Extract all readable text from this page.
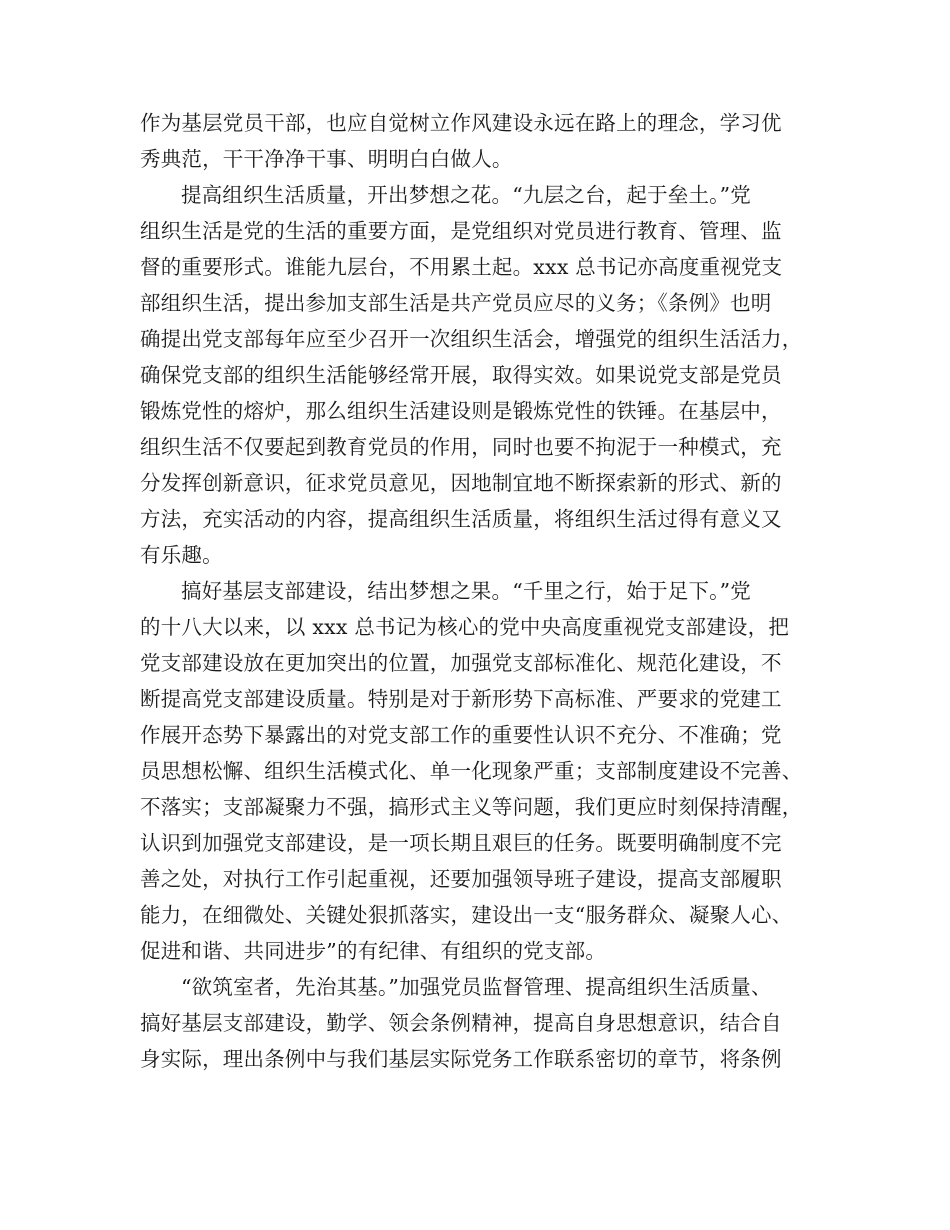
作为基层党员干部，也应自觉树立作风建设永远在路上的理念，学习优
秀典范，干干净净干事、明明白白做人。
提高组织生活质量，开出梦想之花。“九层之台，起于垒土。”党
组织生活是党的生活的重要方面，是党组织对党员进行教育、管理、监
督的重要形式。谁能九层台，不用累土起。xxx 总书记亦高度重视党支
部组织生活，提出参加支部生活是共产党员应尽的义务；《条例》也明
确提出党支部每年应至少召开一次组织生活会，增强党的组织生活活力，
确保党支部的组织生活能够经常开展，取得实效。如果说党支部是党员
锻炼党性的熔炉，那么组织生活建设则是锻炼党性的铁锤。在基层中，
组织生活不仅要起到教育党员的作用，同时也要不拘泥于一种模式，充
分发挥创新意识，征求党员意见，因地制宜地不断探索新的形式、新的
方法，充实活动的内容，提高组织生活质量，将组织生活过得有意义又
有乐趣。
搞好基层支部建设，结出梦想之果。“千里之行，始于足下。”党
的十八大以来，以 xxx 总书记为核心的党中央高度重视党支部建设，把
党支部建设放在更加突出的位置，加强党支部标准化、规范化建设，不
断提高党支部建设质量。特别是对于新形势下高标准、严要求的党建工
作展开态势下暴露出的对党支部工作的重要性认识不充分、不准确；党
员思想松懈、组织生活模式化、单一化现象严重；支部制度建设不完善、
不落实；支部凝聚力不强，搞形式主义等问题，我们更应时刻保持清醒，
认识到加强党支部建设，是一项长期且艰巨的任务。既要明确制度不完
善之处，对执行工作引起重视，还要加强领导班子建设，提高支部履职
能力，在细微处、关键处狠抓落实，建设出一支“服务群众、凝聚人心、
促进和谐、共同进步”的有纪律、有组织的党支部。
“欲筑室者，先治其基。”加强党员监督管理、提高组织生活质量、
搞好基层支部建设，勤学、领会条例精神，提高自身思想意识，结合自
身实际，理出条例中与我们基层实际党务工作联系密切的章节，将条例
